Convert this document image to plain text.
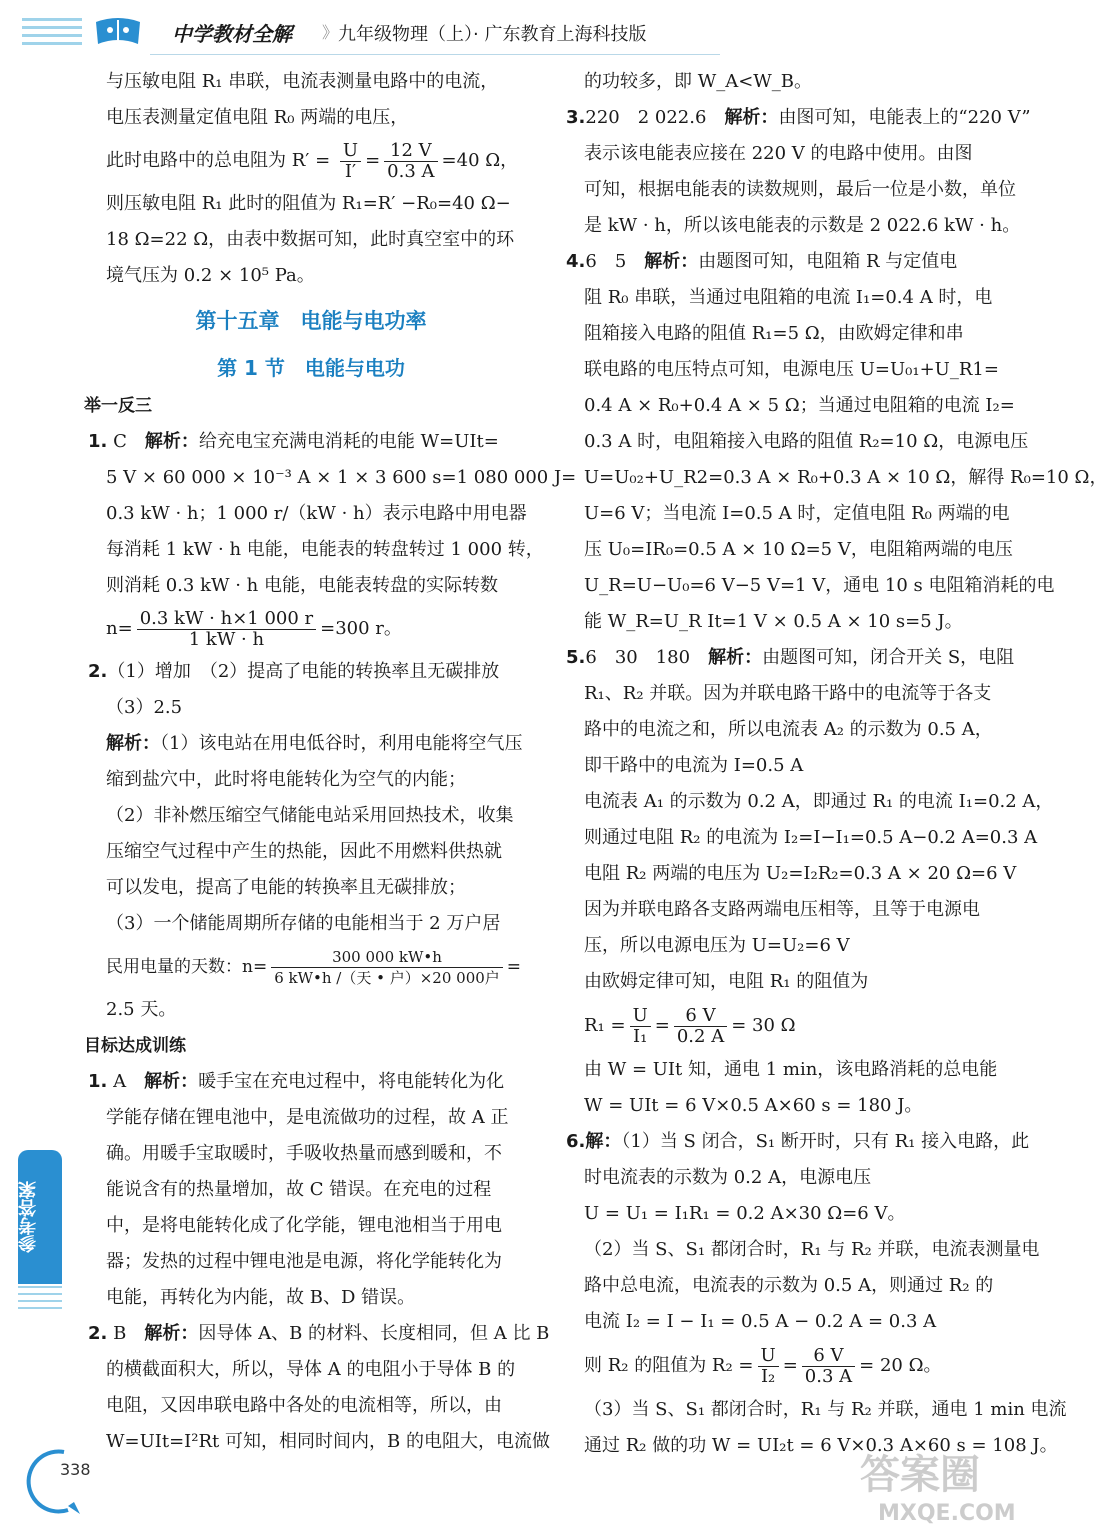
中学教材全解 》 九年级物理（上）· 广东教育上海科技版

与压敏电阻 R₁ 串联，电流表测量电路中的电流，

电压表测量定值电阻 R₀ 两端的电压，

此时电路中的总电阻为 $R' = \frac{U}{I'} = \frac{12 V}{0.3 A} =40$ Ω，

则压敏电阻 R₁ 此时的阻值为 R₁=R′ −R₀=40 Ω−

18 Ω=22 Ω，由表中数据可知，此时真空室中的环

境气压为 0.2 × 10⁵ Pa。

第十五章　电能与电功率
第 1 节　电能与电功
举一反三

1. C　 解析：给充电宝充满电消耗的电能 W=UIt=

5 V × 60 000 × 10⁻³ A × 1 × 3 600 s=1 080 000 J=

0.3 kW · h；1 000 r/（kW · h）表示电路中用电器

每消耗 1 kW · h 电能，电能表的转盘转过 1 000 转，

则消耗 0.3 kW · h 电能，电能表转盘的实际转数

$n= \frac{0.3 kW \cdot h\times 1 000 r}{1 kW \cdot h} =300$ r。

2.（1）增加　（2）提高了电能的转换率且无碳排放

（3）2.5

解析：（1）该电站在用电低谷时，利用电能将空气压

缩到盐穴中，此时将电能转化为空气的内能；

（2）非补燃压缩空气储能电站采用回热技术，收集

压缩空气过程中产生的热能，因此不用燃料供热就

可以发电，提高了电能的转换率且无碳排放；

（3）一个储能周期所存储的电能相当于 2 万户居

民用电量的天数：$n= \frac{300 000 kW•h}{\text{6 kW•h /（天 • 户）×20 000户}}$ =

2.5 天。

目标达成训练

1. A　 解析：暖手宝在充电过程中，将电能转化为化

学能存储在锂电池中，是电流做功的过程，故 A 正

确。用暖手宝取暖时，手吸收热量而感到暖和，不

能说含有的热量增加，故 C 错误。在充电的过程

中，是将电能转化成了化学能，锂电池相当于用电

器；发热的过程中锂电池是电源，将化学能转化为

电能，再转化为内能，故 B、D 错误。

2. B　 解析：因导体 A、B 的材料、长度相同，但 A 比 B

的横截面积大，所以，导体 A 的电阻小于导体 B 的

电阻，又因串联电路中各处的电流相等，所以，由

W=UIt=I²Rt 可知，相同时间内，B 的电阻大，电流做

的功较多，即 W_A<W_B。

3.220　2 022.6　 解析：由图可知，电能表上的“220 V”

表示该电能表应接在 220 V 的电路中使用。由图

可知，根据电能表的读数规则，最后一位是小数，单位

是 kW · h，所以该电能表的示数是 2 022.6 kW · h。

4.6　5　 解析：由题图可知，电阻箱 R 与定值电

阻 R₀ 串联，当通过电阻箱的电流 I₁=0.4 A 时，电

阻箱接入电路的阻值 R₁=5 Ω，由欧姆定律和串

联电路的电压特点可知，电源电压 U=U₀₁+U_R1=

0.4 A × R₀+0.4 A × 5 Ω；当通过电阻箱的电流 I₂=

0.3 A 时，电阻箱接入电路的阻值 R₂=10 Ω，电源电压

U=U₀₂+U_R2=0.3 A × R₀+0.3 A × 10 Ω，解得 R₀=10 Ω，

U=6 V；当电流 I=0.5 A 时，定值电阻 R₀ 两端的电

压 U₀=IR₀=0.5 A × 10 Ω=5 V，电阻箱两端的电压

U_R=U−U₀=6 V−5 V=1 V，通电 10 s 电阻箱消耗的电

能 W_R=U_R It=1 V × 0.5 A × 10 s=5 J。

5.6　30　180　 解析：由题图可知，闭合开关 S，电阻

R₁、R₂ 并联。因为并联电路干路中的电流等于各支

路中的电流之和，所以电流表 A₂ 的示数为 0.5 A，

即干路中的电流为 I=0.5 A

电流表 A₁ 的示数为 0.2 A，即通过 R₁ 的电流 I₁=0.2 A，

则通过电阻 R₂ 的电流为 I₂=I−I₁=0.5 A−0.2 A=0.3 A

电阻 R₂ 两端的电压为 U₂=I₂R₂=0.3 A × 20 Ω=6 V

因为并联电路各支路两端电压相等，且等于电源电

压，所以电源电压为 U=U₂=6 V

由欧姆定律可知，电阻 R₁ 的阻值为

$R_1 = \frac{U}{\text{I₁}} = \frac{6 V}{0.2 A} = 30$ Ω

由 W = UIt 知，通电 1 min，该电路消耗的总电能

W = UIt = 6 V×0.5 A×60 s = 180 J。

6.解：（1）当 S 闭合，S₁ 断开时，只有 R₁ 接入电路，此

时电流表的示数为 0.2 A，电源电压

U = U₁ = I₁R₁ = 0.2 A×30 Ω=6 V。

（2）当 S、S₁ 都闭合时，R₁ 与 R₂ 并联，电流表测量电

路中总电流，电流表的示数为 0.5 A，则通过 R₂ 的

电流 I₂ = I − I₁ = 0.5 A − 0.2 A = 0.3 A

则 R₂ 的阻值为 $R_2 = \frac{U}{\text{I₂}} = \frac{6 V}{0.3 A} = 20$ Ω。

（3）当 S、S₁ 都闭合时，R₁ 与 R₂ 并联，通电 1 min 电流

通过 R₂ 做的功 W = UI₂t = 6 V×0.3 A×60 s = 108 J。

参考答案
338	答案圈
MXQE.COM
